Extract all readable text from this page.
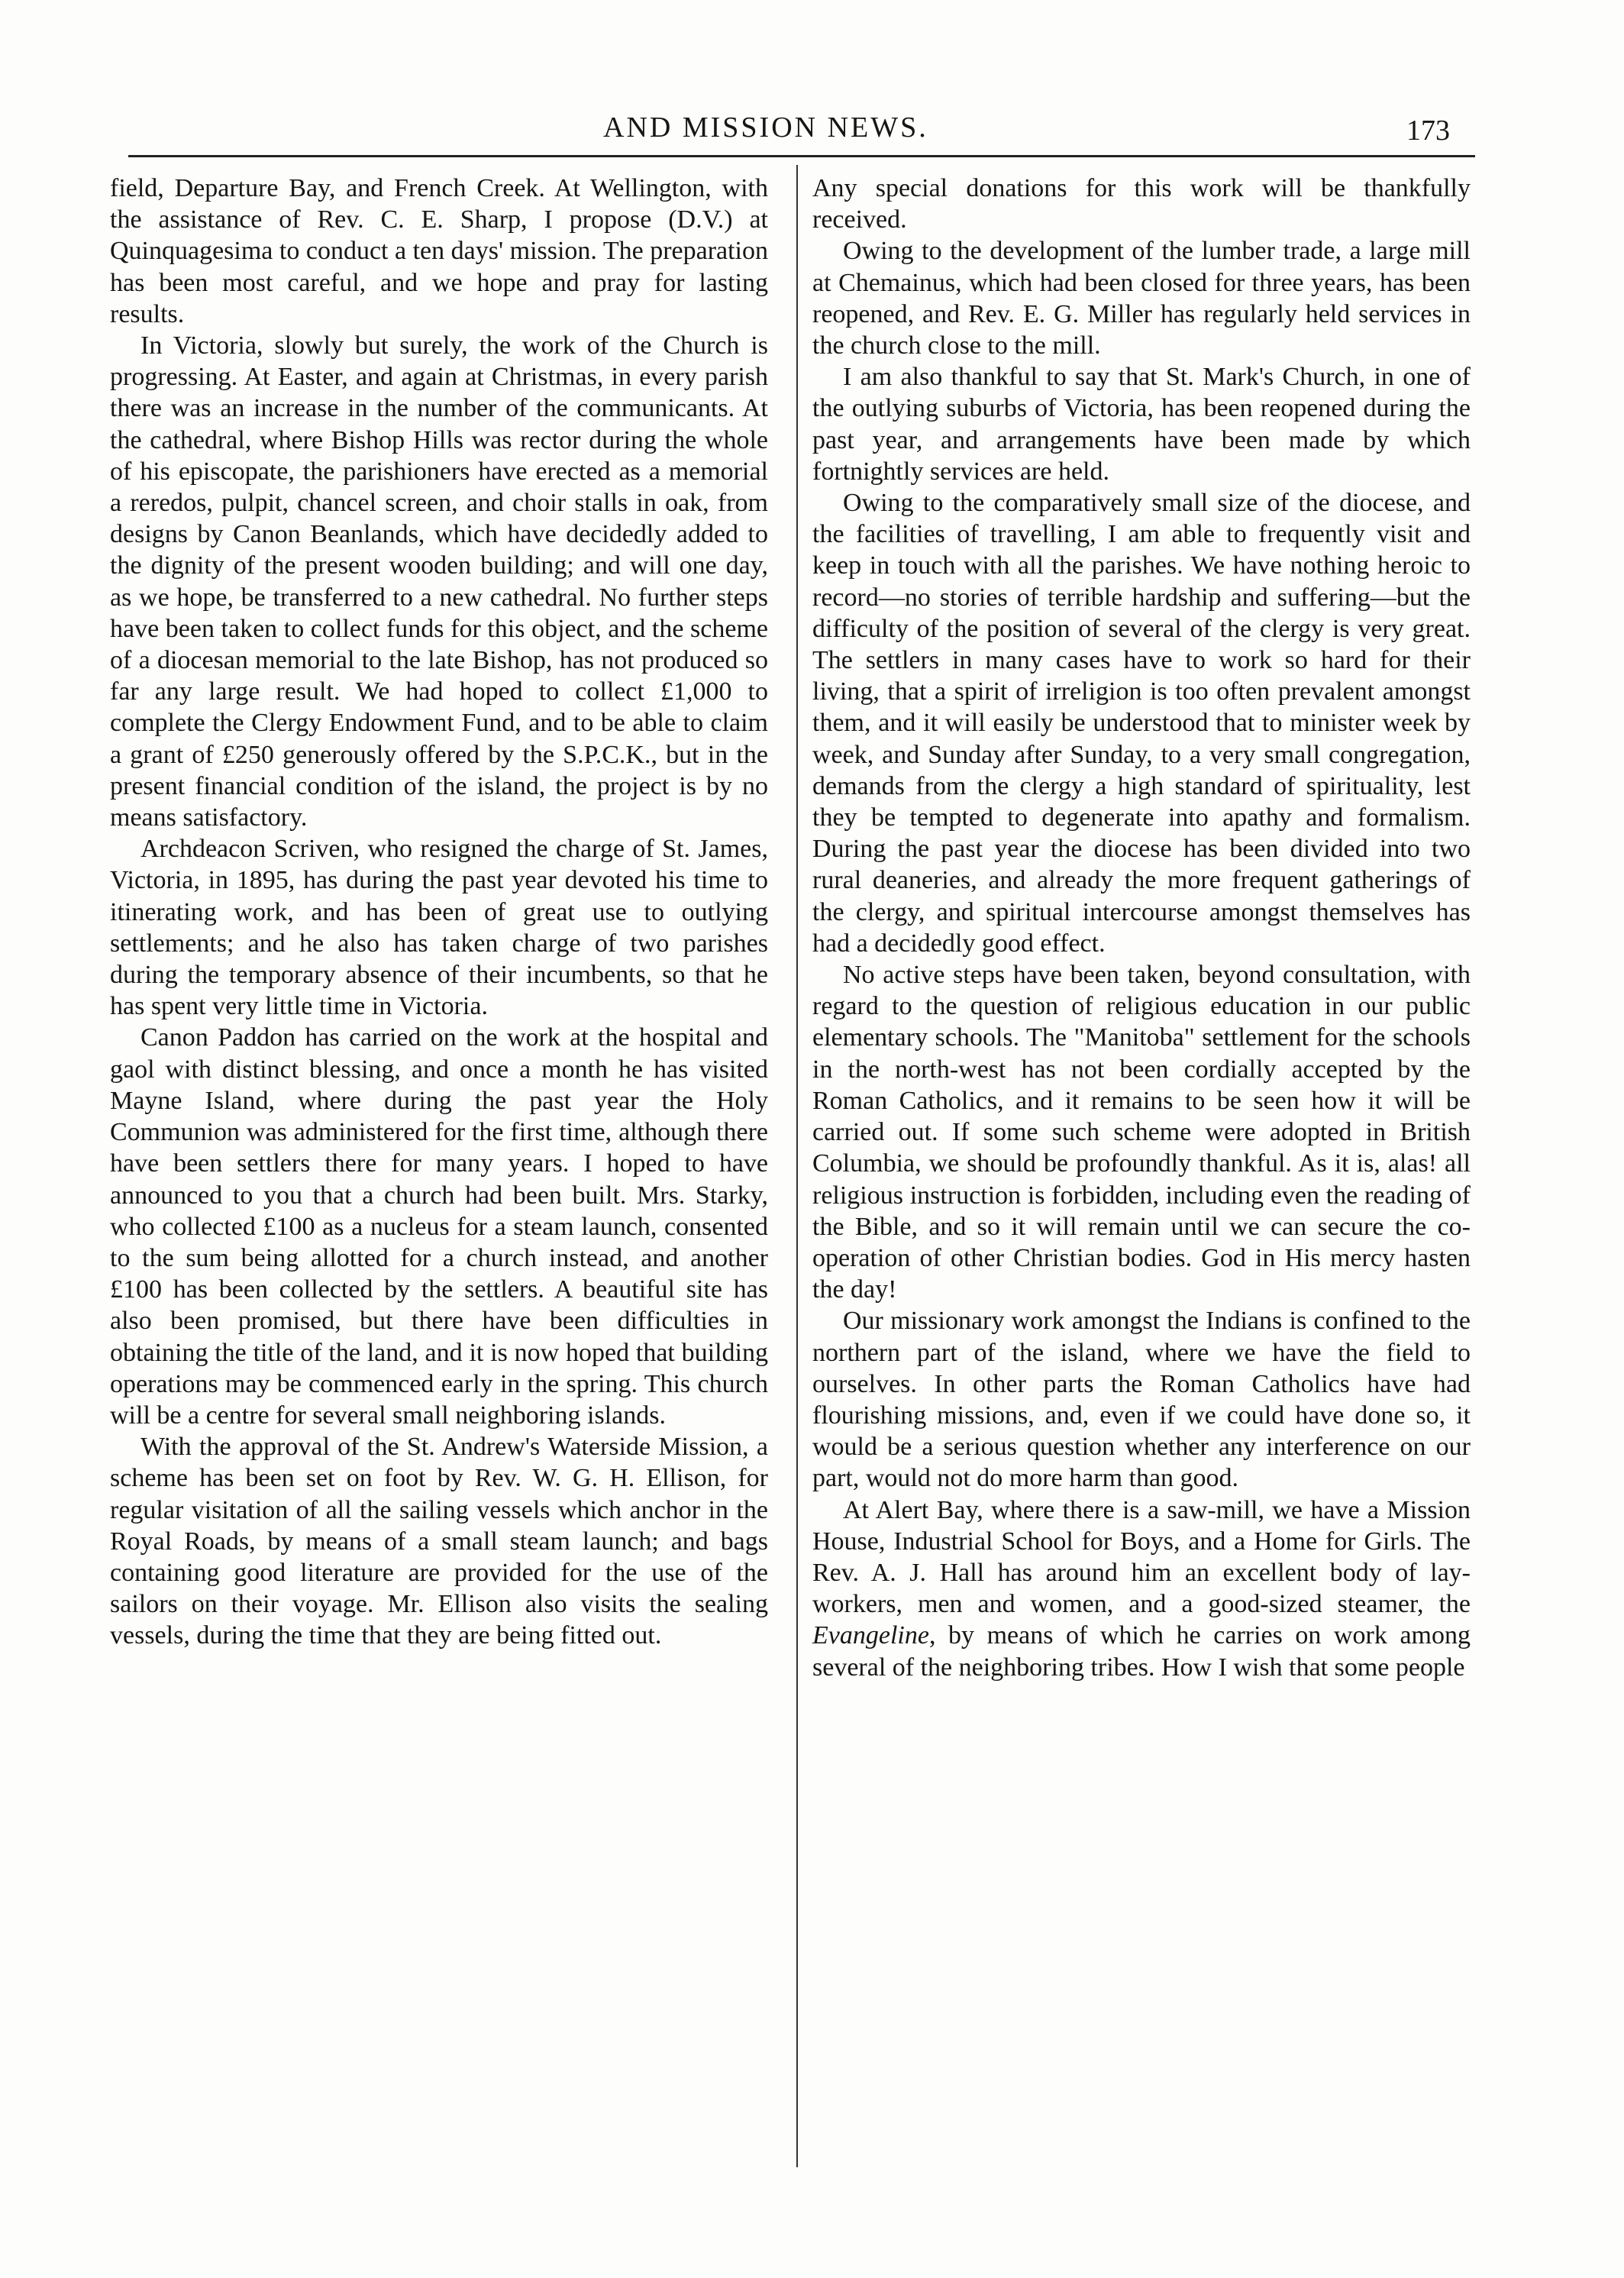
AND MISSION NEWS.	173

field, Departure Bay, and French Creek. At Wellington, with the assistance of Rev. C. E. Sharp, I propose (D.V.) at Quinquagesima to conduct a ten days' mission. The preparation has been most careful, and we hope and pray for lasting results.

In Victoria, slowly but surely, the work of the Church is progressing. At Easter, and again at Christmas, in every parish there was an increase in the number of the communicants. At the cathedral, where Bishop Hills was rector during the whole of his episcopate, the parishioners have erected as a memorial a reredos, pulpit, chancel screen, and choir stalls in oak, from designs by Canon Beanlands, which have decidedly added to the dignity of the present wooden building; and will one day, as we hope, be transferred to a new cathedral. No further steps have been taken to collect funds for this object, and the scheme of a diocesan memorial to the late Bishop, has not produced so far any large result. We had hoped to collect £1,000 to complete the Clergy Endowment Fund, and to be able to claim a grant of £250 generously offered by the S.P.C.K., but in the present financial condition of the island, the project is by no means satisfactory.

Archdeacon Scriven, who resigned the charge of St. James, Victoria, in 1895, has during the past year devoted his time to itinerating work, and has been of great use to outlying settlements; and he also has taken charge of two parishes during the temporary absence of their incumbents, so that he has spent very little time in Victoria.

Canon Paddon has carried on the work at the hospital and gaol with distinct blessing, and once a month he has visited Mayne Island, where during the past year the Holy Communion was administered for the first time, although there have been settlers there for many years. I hoped to have announced to you that a church had been built. Mrs. Starky, who collected £100 as a nucleus for a steam launch, consented to the sum being allotted for a church instead, and another £100 has been collected by the settlers. A beautiful site has also been promised, but there have been difficulties in obtaining the title of the land, and it is now hoped that building operations may be commenced early in the spring. This church will be a centre for several small neighboring islands.

With the approval of the St. Andrew's Waterside Mission, a scheme has been set on foot by Rev. W. G. H. Ellison, for regular visitation of all the sailing vessels which anchor in the Royal Roads, by means of a small steam launch; and bags containing good literature are provided for the use of the sailors on their voyage. Mr. Ellison also visits the sealing vessels, during the time that they are being fitted out.

Any special donations for this work will be thankfully received.

Owing to the development of the lumber trade, a large mill at Chemainus, which had been closed for three years, has been reopened, and Rev. E. G. Miller has regularly held services in the church close to the mill.

I am also thankful to say that St. Mark's Church, in one of the outlying suburbs of Victoria, has been reopened during the past year, and arrangements have been made by which fortnightly services are held.

Owing to the comparatively small size of the diocese, and the facilities of travelling, I am able to frequently visit and keep in touch with all the parishes. We have nothing heroic to record—no stories of terrible hardship and suffering—but the difficulty of the position of several of the clergy is very great. The settlers in many cases have to work so hard for their living, that a spirit of irreligion is too often prevalent amongst them, and it will easily be understood that to minister week by week, and Sunday after Sunday, to a very small congregation, demands from the clergy a high standard of spirituality, lest they be tempted to degenerate into apathy and formalism. During the past year the diocese has been divided into two rural deaneries, and already the more frequent gatherings of the clergy, and spiritual intercourse amongst themselves has had a decidedly good effect.

No active steps have been taken, beyond consultation, with regard to the question of religious education in our public elementary schools. The "Manitoba" settlement for the schools in the north-west has not been cordially accepted by the Roman Catholics, and it remains to be seen how it will be carried out. If some such scheme were adopted in British Columbia, we should be profoundly thankful. As it is, alas! all religious instruction is forbidden, including even the reading of the Bible, and so it will remain until we can secure the co-operation of other Christian bodies. God in His mercy hasten the day!

Our missionary work amongst the Indians is confined to the northern part of the island, where we have the field to ourselves. In other parts the Roman Catholics have had flourishing missions, and, even if we could have done so, it would be a serious question whether any interference on our part, would not do more harm than good.

At Alert Bay, where there is a saw-mill, we have a Mission House, Industrial School for Boys, and a Home for Girls. The Rev. A. J. Hall has around him an excellent body of lay-workers, men and women, and a good-sized steamer, the Evangeline, by means of which he carries on work among several of the neighboring tribes. How I wish that some people
